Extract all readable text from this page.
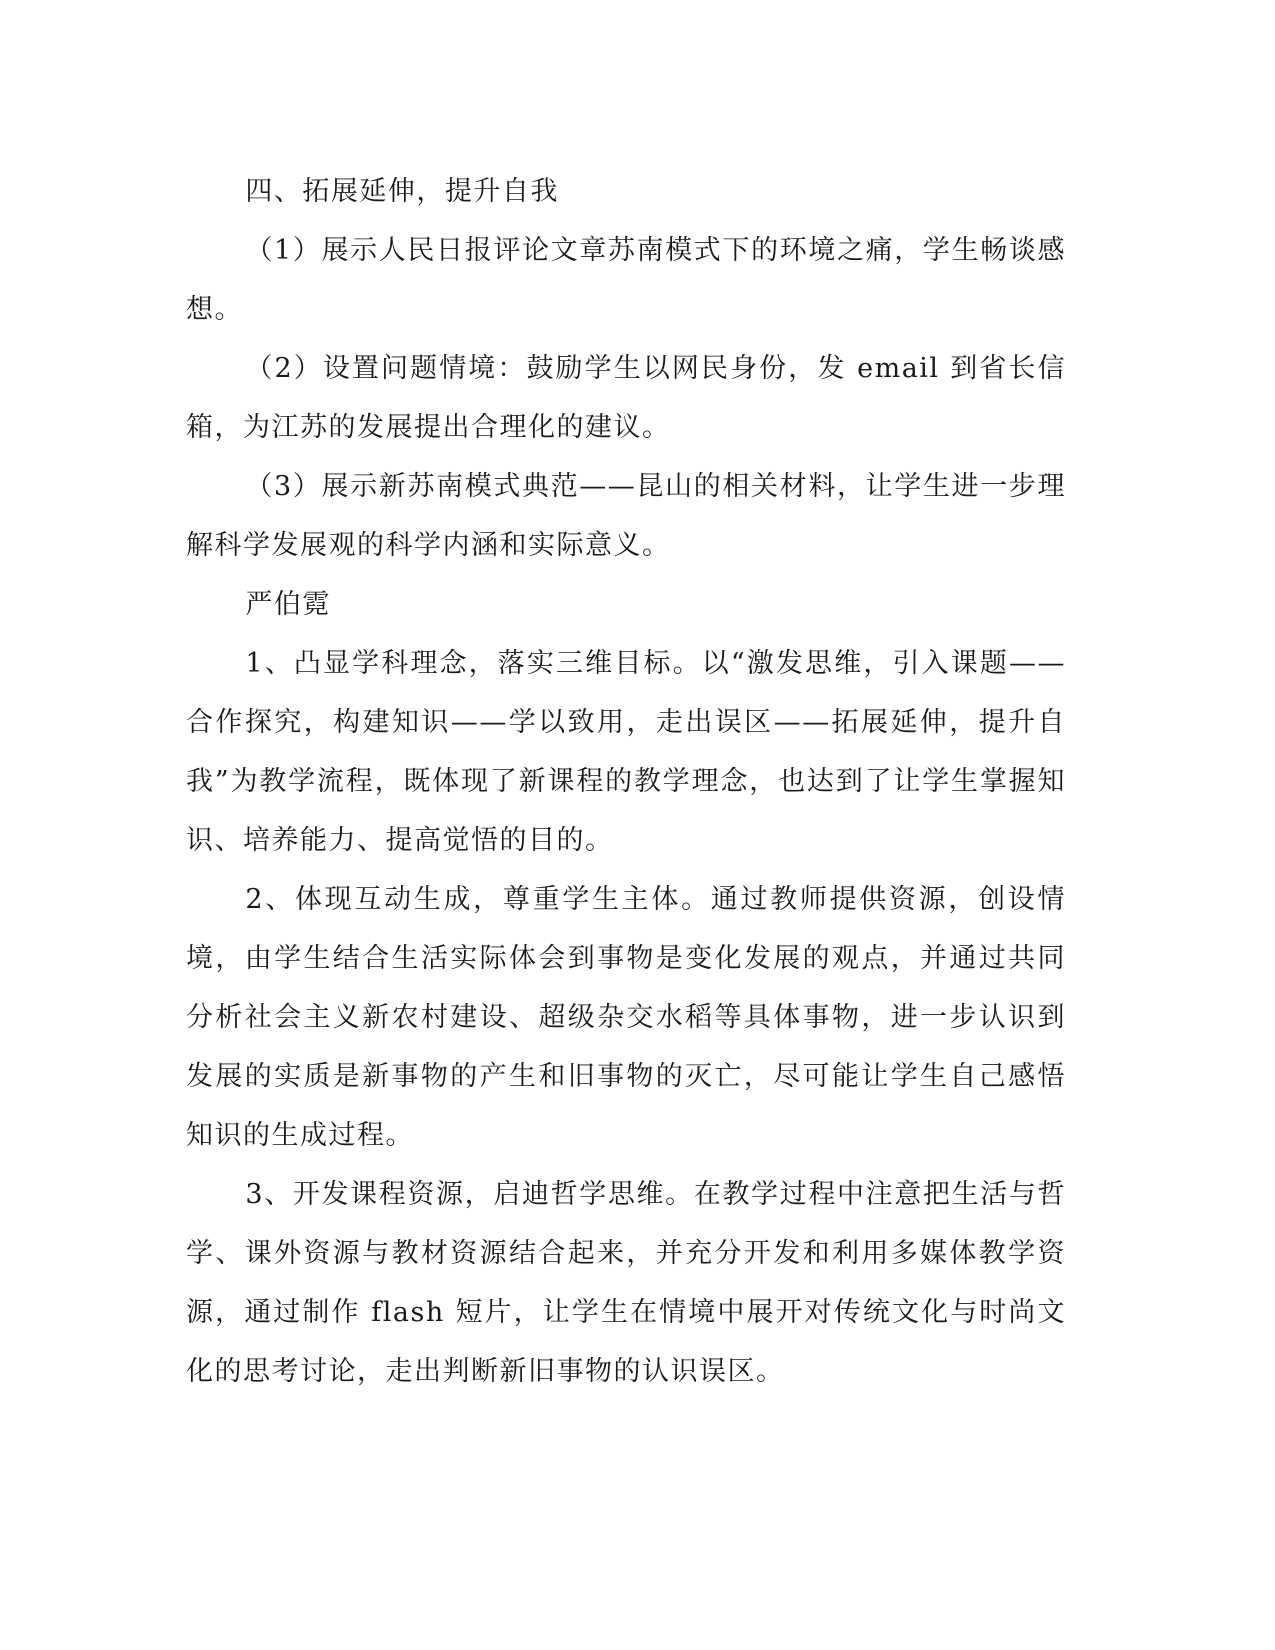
四、拓展延伸，提升自我

（1）展示人民日报评论文章苏南模式下的环境之痛，学生畅谈感想。

（2）设置问题情境：鼓励学生以网民身份，发 email 到省长信箱，为江苏的发展提出合理化的建议。

（3）展示新苏南模式典范——昆山的相关材料，让学生进一步理解科学发展观的科学内涵和实际意义。

严伯霓

1、凸显学科理念，落实三维目标。以“激发思维，引入课题——合作探究，构建知识——学以致用，走出误区——拓展延伸，提升自我”为教学流程，既体现了新课程的教学理念，也达到了让学生掌握知识、培养能力、提高觉悟的目的。

2、体现互动生成，尊重学生主体。通过教师提供资源，创设情境，由学生结合生活实际体会到事物是变化发展的观点，并通过共同分析社会主义新农村建设、超级杂交水稻等具体事物，进一步认识到发展的实质是新事物的产生和旧事物的灭亡，尽可能让学生自己感悟知识的生成过程。

3、开发课程资源，启迪哲学思维。在教学过程中注意把生活与哲学、课外资源与教材资源结合起来，并充分开发和利用多媒体教学资源，通过制作 flash 短片，让学生在情境中展开对传统文化与时尚文化的思考讨论，走出判断新旧事物的认识误区。
